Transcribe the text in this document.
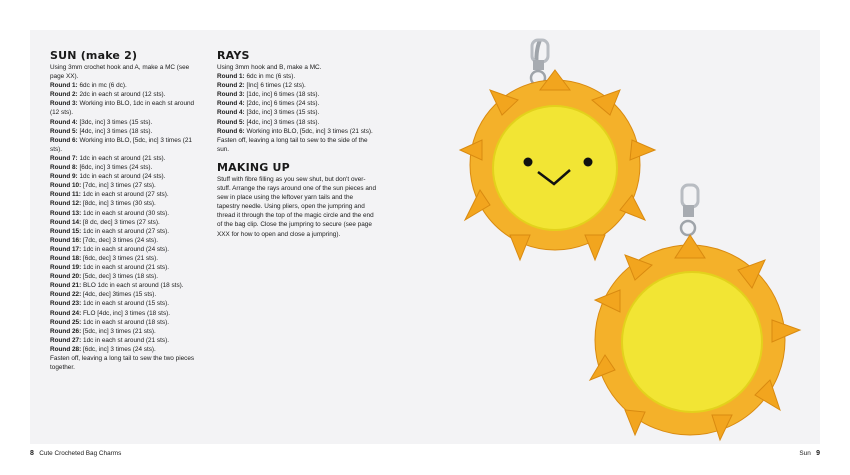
SUN (make 2)

Using 3mm crochet hook and A, make a MC (see page XX).

Round 1: 6dc in mc (6 dc).

Round 2: 2dc in each st around (12 sts).

Round 3: Working into BLO, 1dc in each st around (12 sts).

Round 4: [3dc, inc] 3 times (15 sts).

Round 5: [4dc, inc] 3 times (18 sts).

Round 6: Working into BLO, [5dc, inc] 3 times (21 sts).

Round 7: 1dc in each st around (21 sts).

Round 8: [6dc, inc] 3 times (24 sts).

Round 9: 1dc in each st around (24 sts).

Round 10: [7dc, inc] 3 times (27 sts).

Round 11: 1dc in each st around (27 sts).

Round 12: [8dc, inc] 3 times (30 sts).

Round 13: 1dc in each st around (30 sts).

Round 14: [8 dc, dec] 3 times (27 sts).

Round 15: 1dc in each st around (27 sts).

Round 16: [7dc, dec] 3 times (24 sts).

Round 17: 1dc in each st around (24 sts).

Round 18: [6dc, dec] 3 times (21 sts).

Round 19: 1dc in each st around (21 sts).

Round 20: [5dc, dec] 3 times (18 sts).

Round 21: BLO 1dc in each st around (18 sts).

Round 22: [4dc, dec] 3times (15 sts).

Round 23: 1dc in each st around (15 sts).

Round 24: FLO [4dc, inc] 3 times (18 sts).

Round 25: 1dc in each st around (18 sts).

Round 26: [5dc, inc] 3 times (21 sts).

Round 27: 1dc in each st around (21 sts).

Round 28: [6dc, inc] 3 times (24 sts).

Fasten off, leaving a long tail to sew the two pieces together.

RAYS

Using 3mm hook and B, make a MC.

Round 1: 6dc in mc (6 sts).

Round 2: [Inc] 6 times (12 sts).

Round 3: [1dc, inc] 6 times (18 sts).

Round 4: [2dc, inc] 6 times (24 sts).

Round 4: [3dc, inc] 3 times (15 sts).

Round 5: [4dc, inc] 3 times (18 sts).

Round 6: Working into BLO, [5dc, inc] 3 times (21 sts).

Fasten off, leaving a long tail to sew to the side of the sun.

MAKING UP

Stuff with fibre filling as you sew shut, but don't over-stuff. Arrange the rays around one of the sun pieces and sew in place using the leftover yarn tails and the tapestry needle. Using pliers, open the jumpring and thread it through the top of the magic circle and the end of the bag clip. Close the jumpring to secure (see page XXX for how to open and close a jumpring).

8 Cute Crocheted Bag Charms	Sun 9
